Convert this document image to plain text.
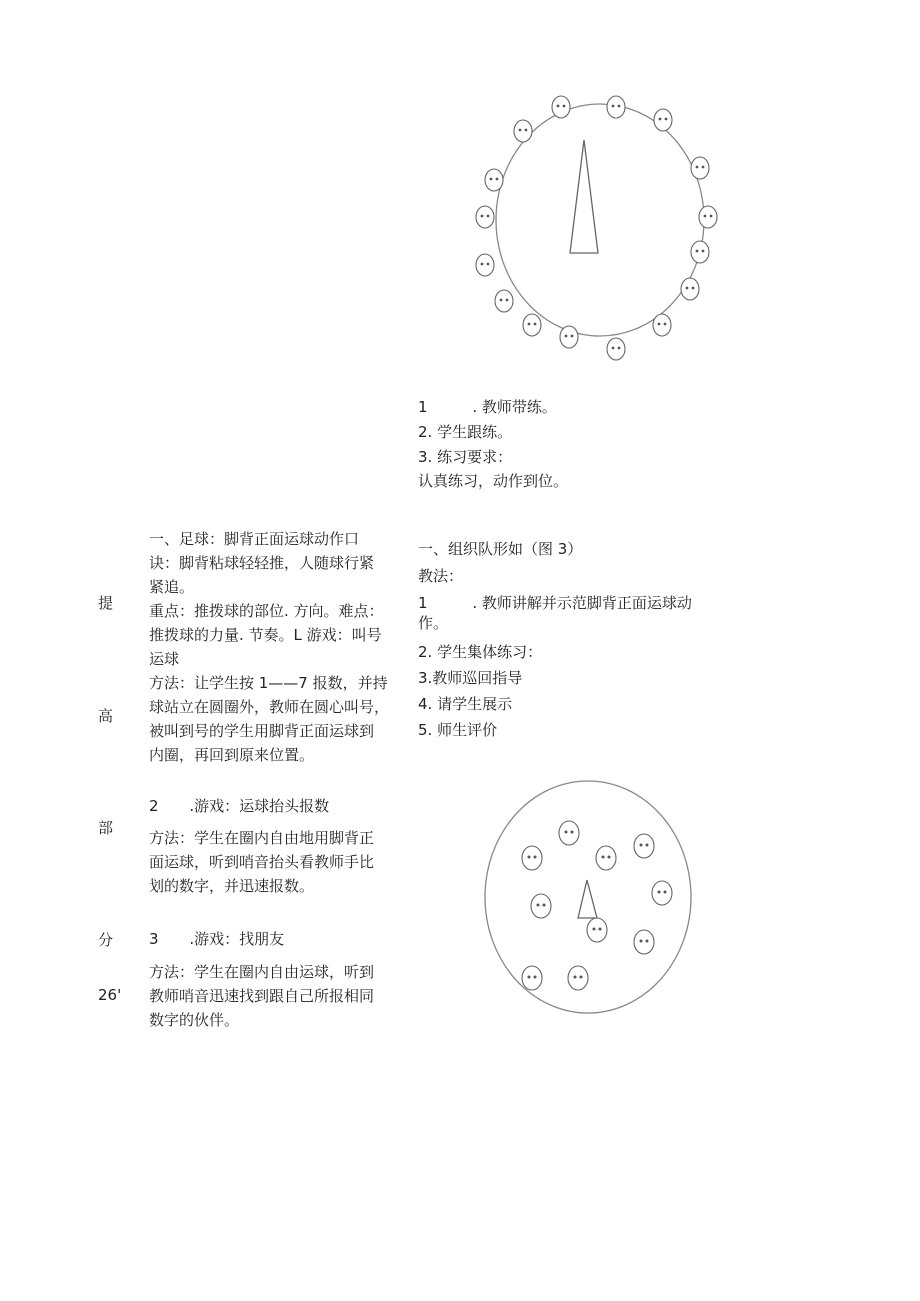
1	. 教师带练。
2. 学生跟练。
3. 练习要求：
认真练习，动作到位。
提
高
部
分
26'
一、足球：脚背正面运球动作口
诀：脚背粘球轻轻推，人随球行紧
紧追。
重点：推拨球的部位. 方向。难点：
推拨球的力量. 节奏。L 游戏：叫号
运球
方法：让学生按 1——7 报数，并持
球站立在圆圈外，教师在圆心叫号，
被叫到号的学生用脚背正面运球到
内圈，再回到原来位置。
2 .游戏：运球抬头报数
方法：学生在圈内自由地用脚背正
面运球，听到哨音抬头看教师手比
划的数字，并迅速报数。
3 .游戏：找朋友
方法：学生在圈内自由运球，听到
教师哨音迅速找到跟自己所报相同
数字的伙伴。
一、组织队形如（图 3）
教法：
1	. 教师讲解并示范脚背正面运球动
作。
2. 学生集体练习：
3.教师巡回指导
4. 请学生展示
5. 师生评价
